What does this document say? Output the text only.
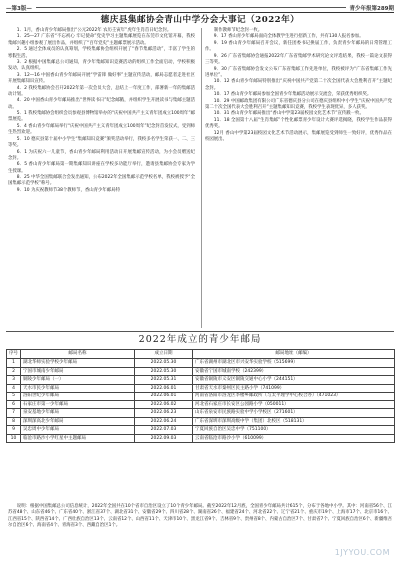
—第3版—	青少年报第289期
德庆县集邮协会青山中学分会大事记（2022年）

1．1月，香山青少年邮局推出“公元2022年 农历壬寅年”虎年生肖首日纪念封。

1．25—27 广东省“不忘初心 牢记使命”党史学习主题集邮展览在东莞市文化馆开幕，我校集邮兴趣小组参观了展出作品，并组织了“百年党史”主题邮票展示活动。

2．5 通过全体成员的认真筹划，学校集邮协会组织开展了“春节集邮活动”，丰富了学生的寒假生活。

3．2 根据中国集邮总公司通知，青少年集邮知识竞赛活动的组织工作全面启动，学校积极发动、认真组织。

3．12—16 中国香山青少年邮局开展“学雷锋 做好事”主题宣传活动，邮局志愿者走进社区开展集邮知识宣传。

4．2 我校集邮协会召开2022年第一次会员大会，总结上一年度工作，部署新一年的集邮活动计划。

4．20 中国香山青少年邮局推出“世界读书日”纪念邮戳，并组织学生开展读书与集邮主题活动。

5．1 我校集邮协会组织会员参观县博物馆举办的“庆祝中国共产主义青年团成立100周年”邮票展览。

5．4 香山青少年邮局举行“庆祝中国共产主义青年团成立100周年”纪念封首发仪式，受到师生热烈欢迎。

5．10 德庆县第十届中小学生“集邮知识竞赛”颁奖活动举行，我校多名学生荣获一、二、三等奖。

6．1 为庆祝六一儿童节，香山青少年邮局利用活动日开展集邮宣传活动，为小会员赠送纪念封。

6．5 香山青少年邮局第一期集邮知识讲座在学校多功能厅举行，邀请县集邮协会专家为学生授课。

8．25 中华全国集邮联合会发出通知，公布2022年全国集邮示范学校名单，我校被授予“全国集邮示范学校”称号。

9．10 为庆祝教师节38个教师节，香山青少年邮局特

制作教师节纪念封一枚。

9．17 香山青少年邮局面向全体教学生进行招新工作，共有130人报名参加。

9．19 香山青少年邮局召开会议，新任团委书记换届工作，负责青少年邮局的日常管理工作。

9．26 广东省集邮协会通报2022年广东省集邮学术研究论文评选结果，我校一篇论文获得三等奖。

9．30 广东省集邮协会发文公布广东省集邮工作先进单位，我校被评为“广东省集邮工作先进单位”。

10．12 香山青少年邮局特别推出“庆祝中国共产党第二十次全国代表大会胜利召开”主题纪念封。

10．17 香山青少年邮局参加全国青少年集邮活动展示交流会，荣获优秀组织奖。

10．29 中国邮政集团有限公司广东省德庆县分公司在德庆县组织中小学生“庆祝中国共产党第二十次全国代表大会胜利召开”主题集邮知识竞赛，我校学生表现优异，多人获奖。

10．31 香山青少年邮局推出“香山中学第23届校园文化艺术节”宣传戳一枚。

11．18 全国第十八届“生肖集邮”个性化邮票青少年设计大赛评选揭晓，我校学生作品获得优秀奖。

12月 香山中学第23届校园文化艺术节活动展示，集邮展览受到师生一致好评，优秀作品在校园展出。

2022年成立的青少年邮局
序号	邮局名称	成立日期	邮局地址（邮编）
1	湖北华师实验学校少年邮局	2022.05.30	广东省湖州市湖北区市兴安华实验学校（515699）
2	宁国市城南少年邮局	2022.05.30	安徽省宁国市城南学校（242399）
3	铜陵少年邮局（一）	2022.05.31	安徽省铜陵市义安区铜陵交通中心小学（244151）
4	天水市民少年邮局	2022.06.01	甘肃省天水市秦州区民主路小学（741099）
5	洛阳世纪少年邮局	2022.06.01	河南省洛阳市洛龙区李楼乡邮政所（与太平理学中心校合办）（471023）
6	石家庄市第一少年邮局	2022.06.02	河北省石家庄市长安区公园路小学（050011）
7	泉安基地少年邮局	2022.06.23	山东省泉安市民族路实验中学小学校区（271601）
8	深圳深高北少年邮局	2022.06.24	广东省深圳市深圳高级中学（集团）北校区（518131）
9	吴忠周中少年邮局	2022.07.03	宁夏回族自治区吴忠中学（751100）
10	临沧市路沙小学红星中主题邮局	2022.09.03	云南省临沧市路沙小学（610099）

说明：根据中国集邮总公司信息统计，2022年全国共在10个省市自治区设立了10个青少年邮局。截至2022年12月底，全国青少年邮局共计615个，分布于各地中小学。其中：河南省56个、江苏省48个、山东省46个、广东省40个、浙江省37个、湖北省31个、安徽省29个、四川省28个、湖南省26个、福建省24个、河北省22个、辽宁省21个、重庆市19个、上海市17个、北京市16个、江西省15个、陕西省14个、广西壮族自治区13个、云南省12个、山西省11个、天津市10个、黑龙江省9个、吉林省9个、贵州省8个、内蒙古自治区7个、甘肃省7个、宁夏回族自治区6个、新疆维吾尔自治区6个、海南省4个、青海省3个、西藏自治区1个。

1JYYOU.COM
